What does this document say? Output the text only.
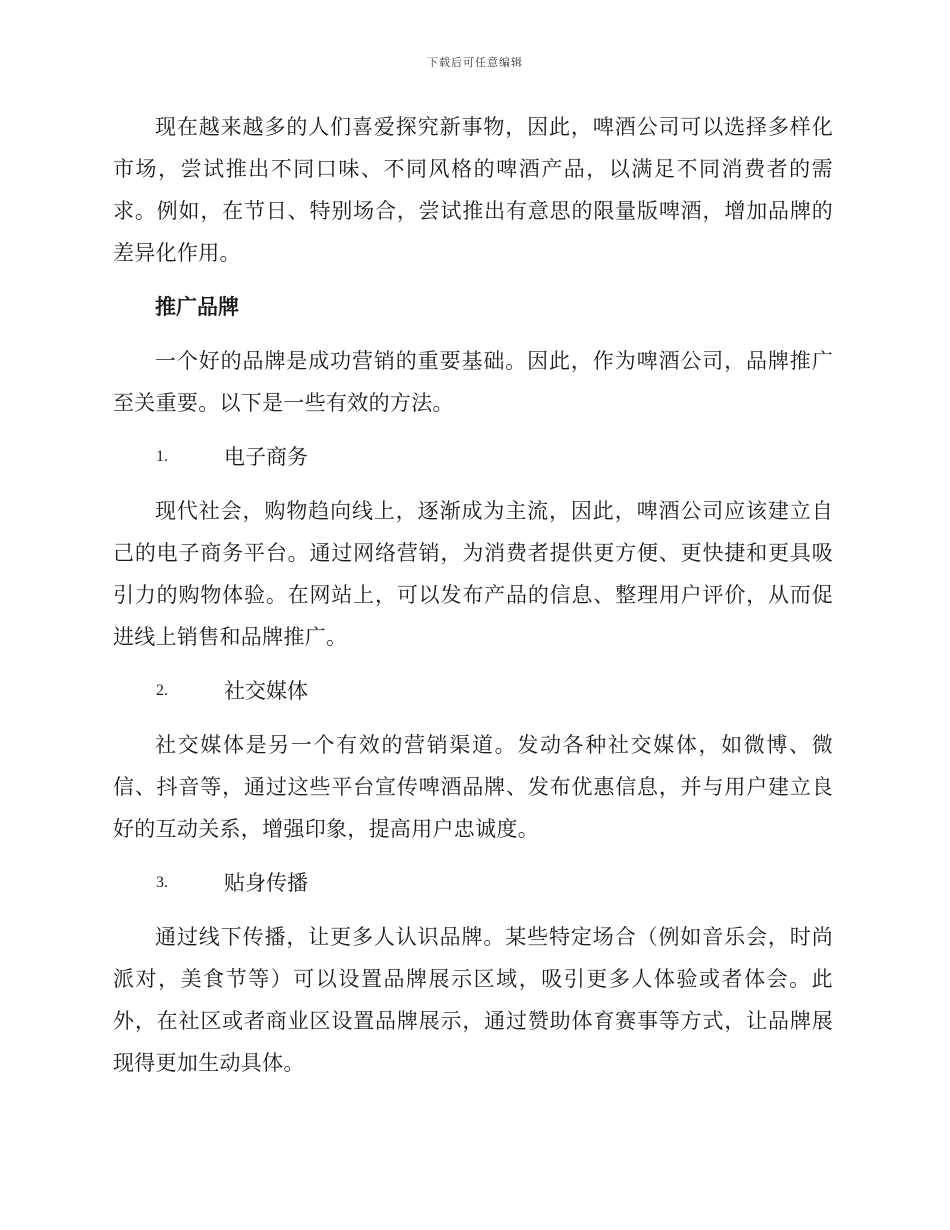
下载后可任意编辑

现在越来越多的人们喜爱探究新事物，因此，啤酒公司可以选择多样化市场，尝试推出不同口味、不同风格的啤酒产品，以满足不同消费者的需求。例如，在节日、特别场合，尝试推出有意思的限量版啤酒，增加品牌的差异化作用。

推广品牌

一个好的品牌是成功营销的重要基础。因此，作为啤酒公司，品牌推广至关重要。以下是一些有效的方法。

1.	电子商务

现代社会，购物趋向线上，逐渐成为主流，因此，啤酒公司应该建立自己的电子商务平台。通过网络营销，为消费者提供更方便、更快捷和更具吸引力的购物体验。在网站上，可以发布产品的信息、整理用户评价，从而促进线上销售和品牌推广。

2.	社交媒体

社交媒体是另一个有效的营销渠道。发动各种社交媒体，如微博、微信、抖音等，通过这些平台宣传啤酒品牌、发布优惠信息，并与用户建立良好的互动关系，增强印象，提高用户忠诚度。

3.	贴身传播

通过线下传播，让更多人认识品牌。某些特定场合（例如音乐会，时尚派对，美食节等）可以设置品牌展示区域，吸引更多人体验或者体会。此外，在社区或者商业区设置品牌展示，通过赞助体育赛事等方式，让品牌展现得更加生动具体。
